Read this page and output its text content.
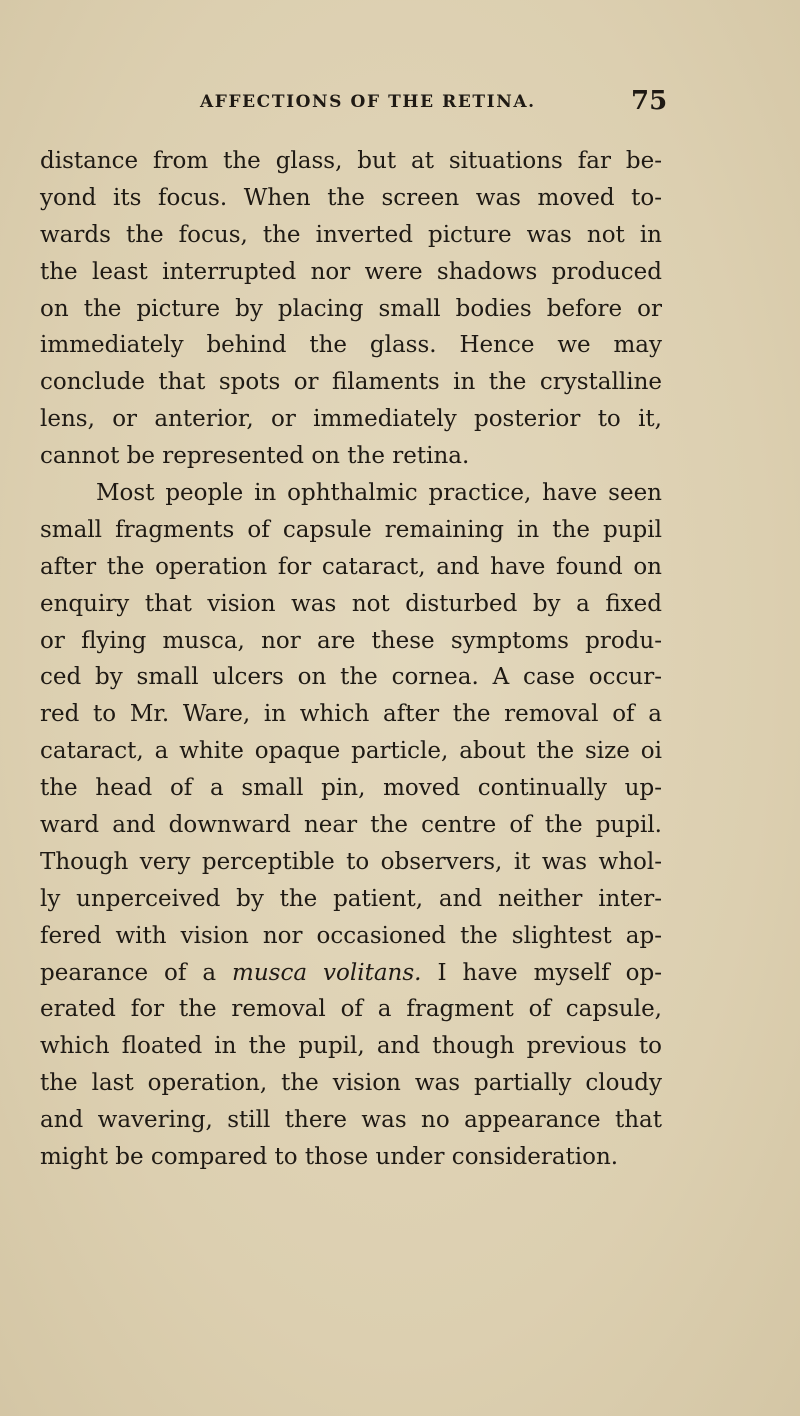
AFFECTIONS OF THE RETINA.	75
distance from the glass, but at situations far be-
yond its focus. When the screen was moved to-
wards the focus, the inverted picture was not in
the least interrupted nor were shadows produced
on the picture by placing small bodies before or
immediately behind the glass. Hence we may
conclude that spots or filaments in the crystalline
lens, or anterior, or immediately posterior to it,
cannot be represented on the retina.
Most people in ophthalmic practice, have seen
small fragments of capsule remaining in the pupil
after the operation for cataract, and have found on
enquiry that vision was not disturbed by a fixed
or flying musca, nor are these symptoms produ-
ced by small ulcers on the cornea. A case occur-
red to Mr. Ware, in which after the removal of a
cataract, a white opaque particle, about the size oi
the head of a small pin, moved continually up-
ward and downward near the centre of the pupil.
Though very perceptible to observers, it was whol-
ly unperceived by the patient, and neither inter-
fered with vision nor occasioned the slightest ap-
pearance of a musca volitans. I have myself op-
erated for the removal of a fragment of capsule,
which floated in the pupil, and though previous to
the last operation, the vision was partially cloudy
and wavering, still there was no appearance that
might be compared to those under consideration.
